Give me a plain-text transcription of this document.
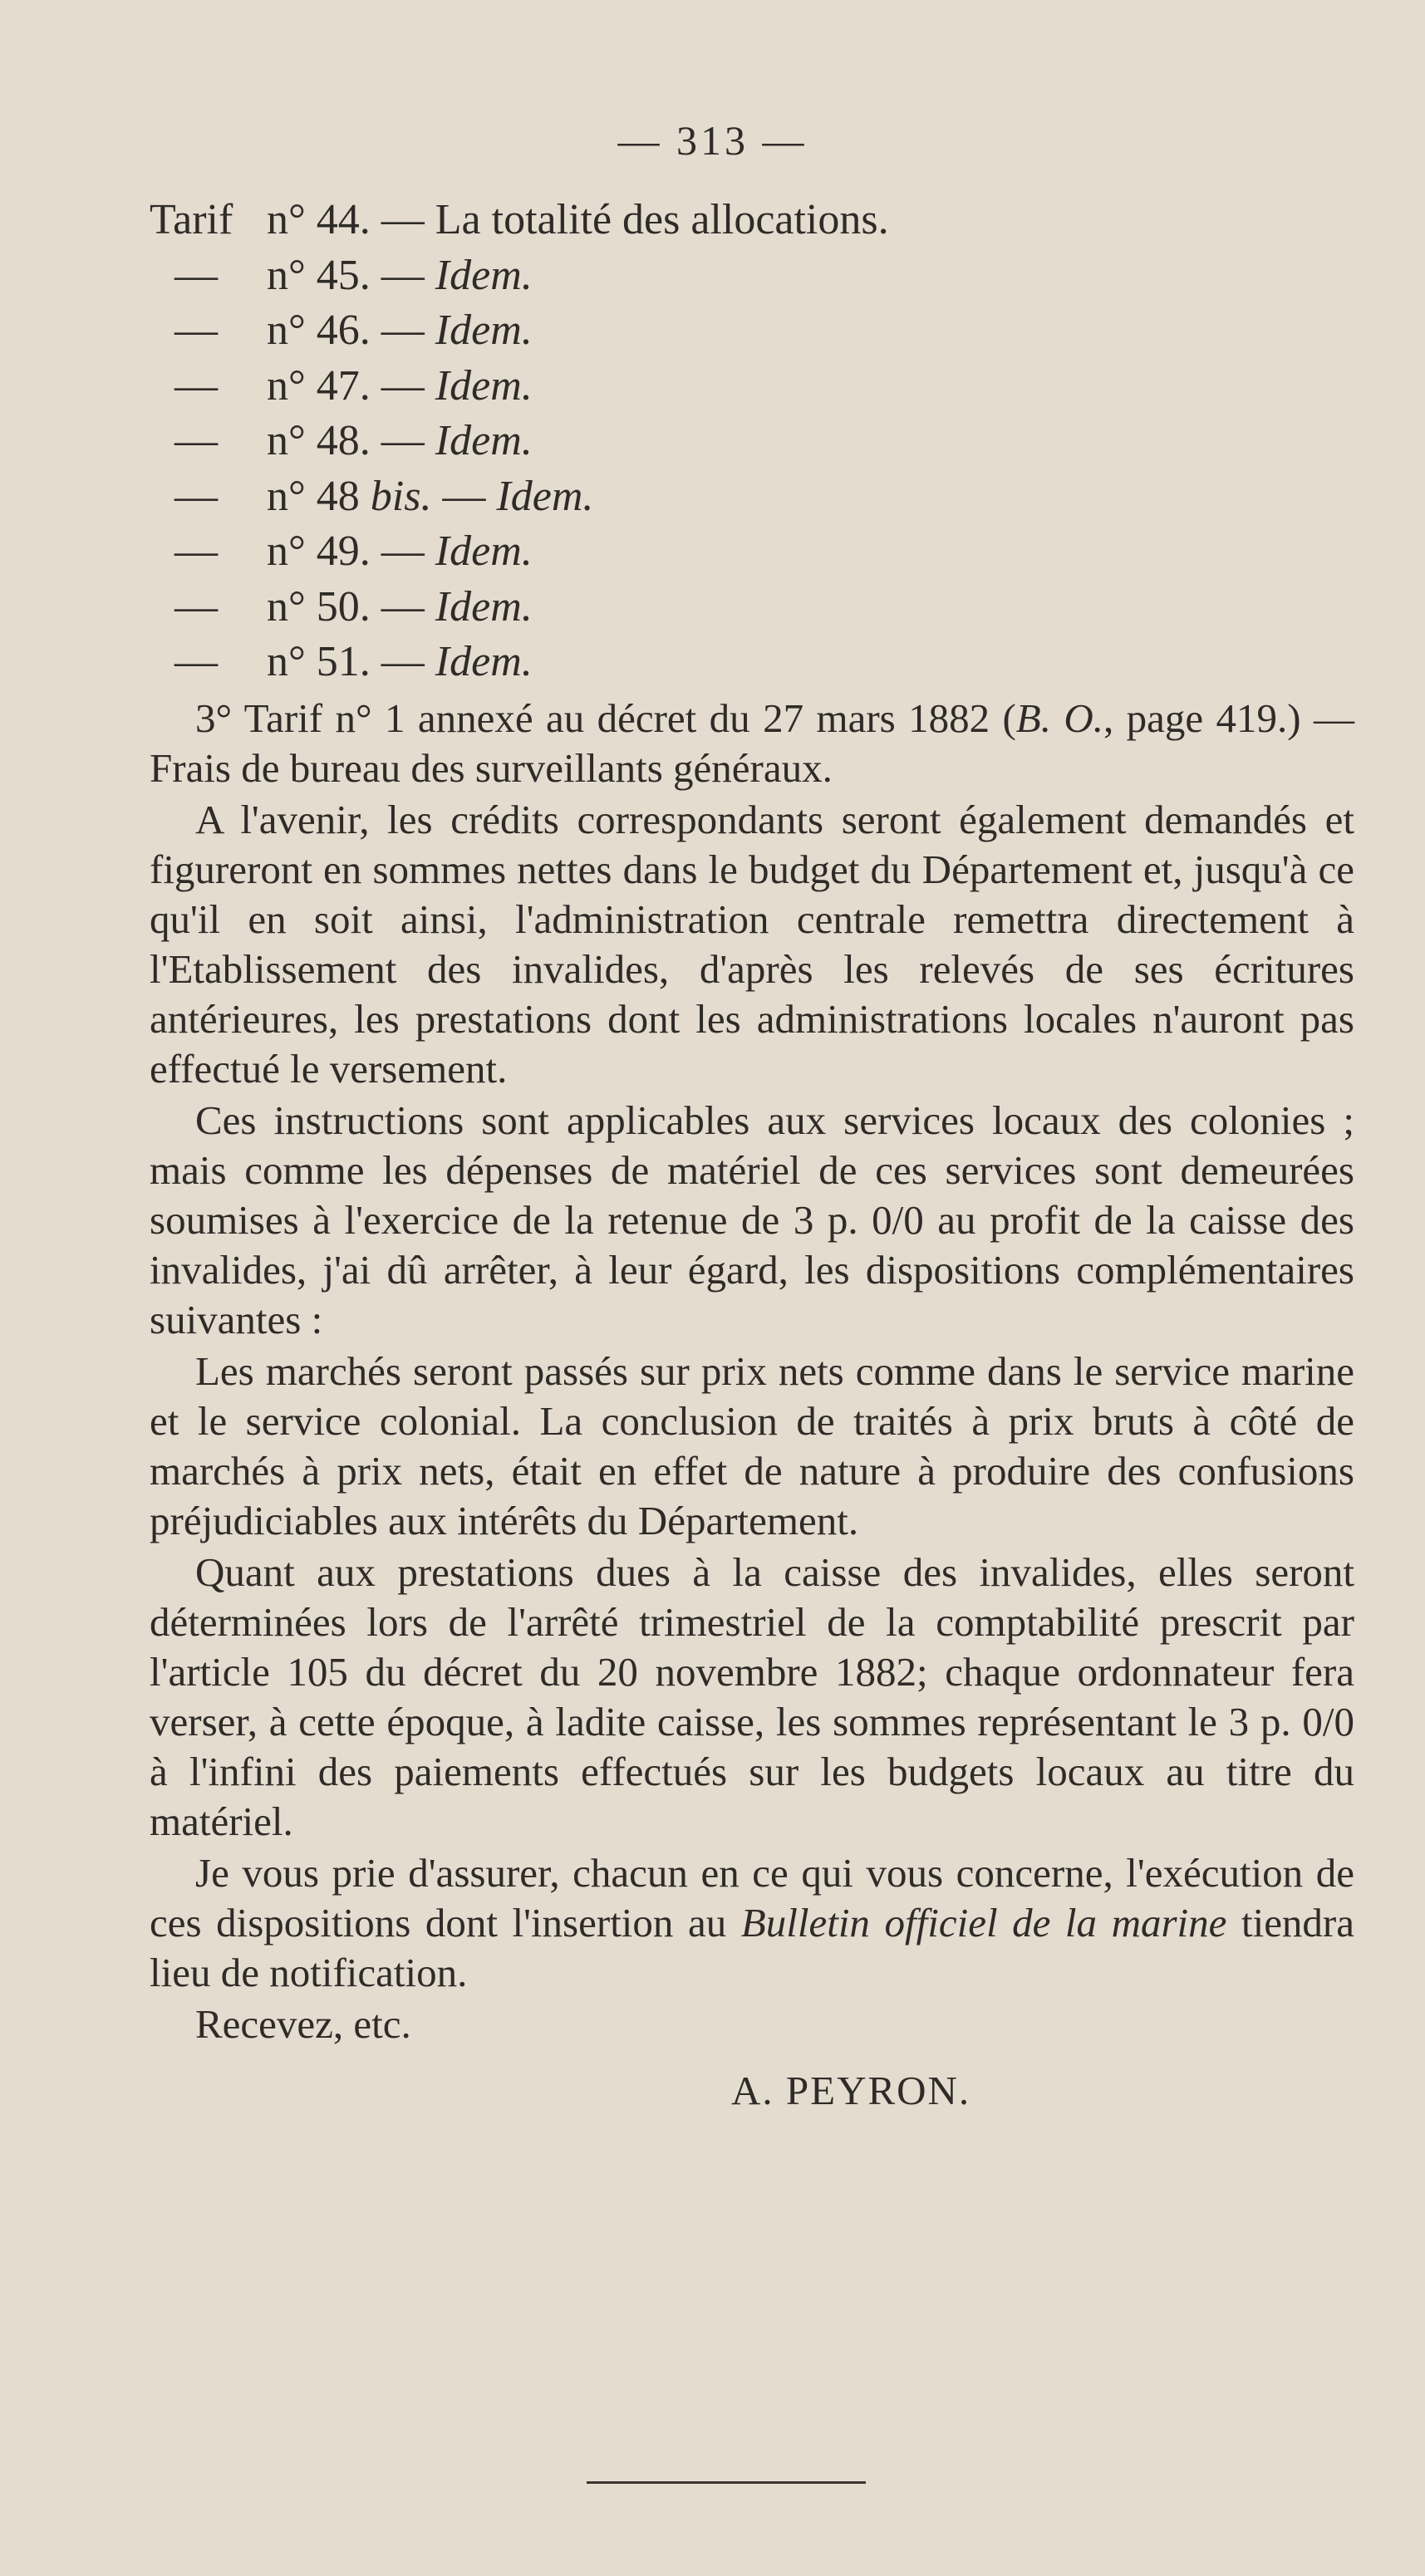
— 313 —
Tarif n° 44. — La totalité des allocations.
— n° 45. — Idem.
— n° 46. — Idem.
— n° 47. — Idem.
— n° 48. — Idem.
— n° 48 bis. — Idem.
— n° 49. — Idem.
— n° 50. — Idem.
— n° 51. — Idem.

3° Tarif n° 1 annexé au décret du 27 mars 1882 (B. O., page 419.) — Frais de bureau des surveillants généraux.

A l'avenir, les crédits correspondants seront également demandés et figureront en sommes nettes dans le budget du Département et, jusqu'à ce qu'il en soit ainsi, l'administration centrale remettra directement à l'Etablissement des invalides, d'après les relevés de ses écritures antérieures, les prestations dont les administrations locales n'auront pas effectué le versement.

Ces instructions sont applicables aux services locaux des colonies ; mais comme les dépenses de matériel de ces services sont demeurées soumises à l'exercice de la retenue de 3 p. 0/0 au profit de la caisse des invalides, j'ai dû arrêter, à leur égard, les dispositions complémentaires suivantes :

Les marchés seront passés sur prix nets comme dans le service marine et le service colonial. La conclusion de traités à prix bruts à côté de marchés à prix nets, était en effet de nature à produire des confusions préjudiciables aux intérêts du Département.

Quant aux prestations dues à la caisse des invalides, elles seront déterminées lors de l'arrêté trimestriel de la comptabilité prescrit par l'article 105 du décret du 20 novembre 1882; chaque ordonnateur fera verser, à cette époque, à ladite caisse, les sommes représentant le 3 p. 0/0 à l'infini des paiements effectués sur les budgets locaux au titre du matériel.

Je vous prie d'assurer, chacun en ce qui vous concerne, l'exécution de ces dispositions dont l'insertion au Bulletin officiel de la marine tiendra lieu de notification.

Recevez, etc.

A. PEYRON.
